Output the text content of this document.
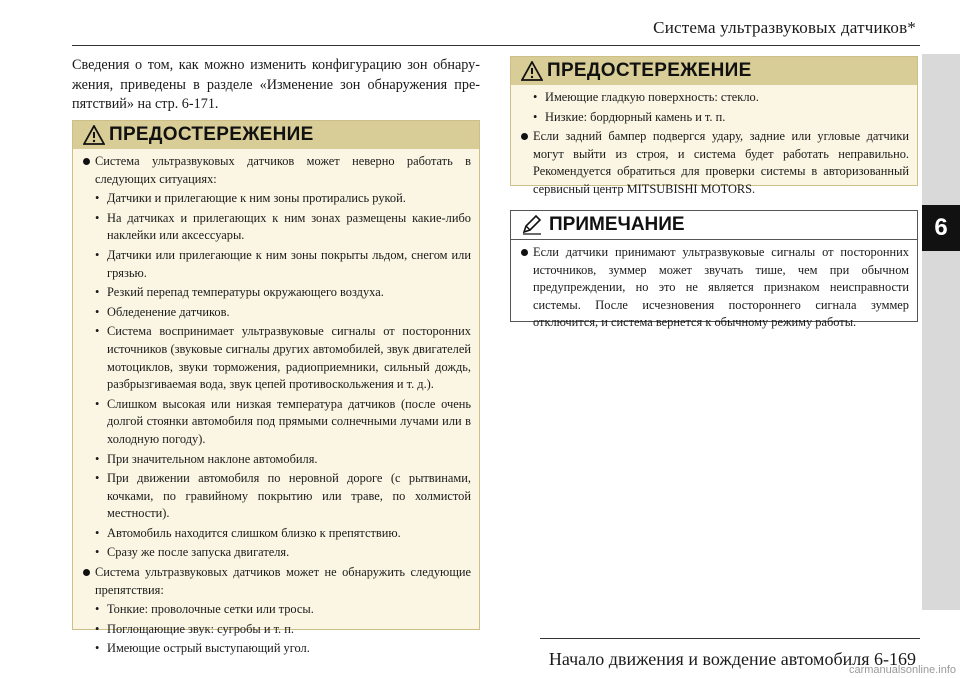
Система ультразвуковых датчиков*
6
Сведения о том, как можно изменить конфигурацию зон обнару-жения, приведены в разделе «Изменение зон обнаружения пре-пятствий» на стр. 6-171.
ПРЕДОСТЕРЕЖЕНИЕ
Система ультразвуковых датчиков может неверно работать в следующих ситуациях:
• Датчики и прилегающие к ним зоны протирались рукой.
• На датчиках и прилегающих к ним зонах размещены какие-либо наклейки или аксессуары.
• Датчики или прилегающие к ним зоны покрыты льдом, снегом или грязью.
• Резкий перепад температуры окружающего воздуха.
• Обледенение датчиков.
• Система воспринимает ультразвуковые сигналы от посторонних источников (звуковые сигналы других автомобилей, звук двигателей мотоциклов, звуки торможения, радиоприемники, сильный дождь, разбрызгиваемая вода, звук цепей противоскольжения и т. д.).
• Слишком высокая или низкая температура датчиков (после очень долгой стоянки автомобиля под прямыми солнечными лучами или в холодную погоду).
• При значительном наклоне автомобиля.
• При движении автомобиля по неровной дороге (с рытвинами, кочками, по гравийному покрытию или траве, по холмистой местности).
• Автомобиль находится слишком близко к препятствию.
• Сразу же после запуска двигателя.
Система ультразвуковых датчиков может не обнаружить следующие препятствия:
• Тонкие: проволочные сетки или тросы.
• Поглощающие звук: сугробы и т. п.
• Имеющие острый выступающий угол.
ПРЕДОСТЕРЕЖЕНИЕ
• Имеющие гладкую поверхность: стекло.
• Низкие: бордюрный камень и т. п.
Если задний бампер подвергся удару, задние или угловые датчики могут выйти из строя, и система будет работать неправильно. Рекомендуется обратиться для проверки системы в авторизованный сервисный центр MITSUBISHI MOTORS.
ПРИМЕЧАНИЕ
Если датчики принимают ультразвуковые сигналы от посторонних источников, зуммер может звучать тише, чем при обычном предупреждении, но это не является признаком неисправности системы. После исчезновения постороннего сигнала зуммер отключится, и система вернется к обычному режиму работы.
Начало движения и вождение автомобиля 6-169
carmanualsonline.info
